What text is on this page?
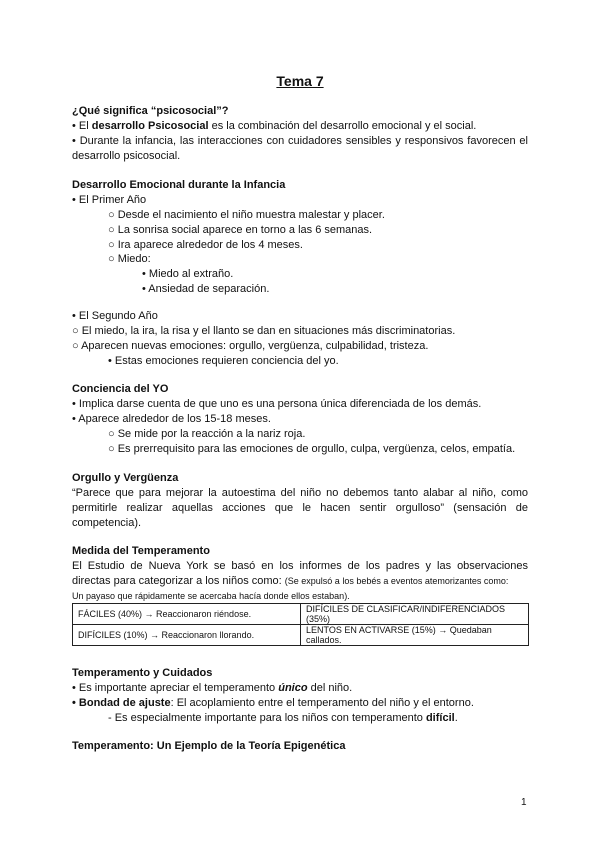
Tema 7
¿Qué significa “psicosocial”?
• El desarrollo Psicosocial es la combinación del desarrollo emocional y el social.
• Durante la infancia, las interacciones con cuidadores sensibles y responsivos favorecen el
desarrollo psicosocial.
Desarrollo Emocional durante la Infancia
• El Primer Año
○ Desde el nacimiento el niño muestra malestar y placer.
○ La sonrisa social aparece en torno a las 6 semanas.
○ Ira aparece alrededor de los 4 meses.
○ Miedo:
• Miedo al extraño.
• Ansiedad de separación.
• El Segundo Año
○ El miedo, la ira, la risa y el llanto se dan en situaciones más discriminatorias.
○ Aparecen nuevas emociones: orgullo, vergüenza, culpabilidad, tristeza.
• Estas emociones requieren conciencia del yo.
Conciencia del YO
• Implica darse cuenta de que uno es una persona única diferenciada de los demás.
• Aparece alrededor de los 15-18 meses.
○ Se mide por la reacción a la nariz roja.
○ Es prerrequisito para las emociones de orgullo, culpa, vergüenza, celos, empatía.
Orgullo y Vergüenza
“Parece que para mejorar la autoestima del niño no debemos tanto alabar al niño, como
permitirle realizar aquellas acciones que le hacen sentir orgulloso” (sensación de
competencia).
Medida del Temperamento
El Estudio de Nueva York se basó en los informes de los padres y las observaciones
directas para categorizar a los niños como: (Se expulsó a los bebés a eventos atemorizantes como:
Un payaso que rápidamente se acercaba hacía donde ellos estaban).
FÁCILES (40%) → Reaccionaron riéndose.	DIFÍCILES DE CLASIFICAR/INDIFERENCIADOS (35%)
DIFÍCILES (10%) → Reaccionaron llorando.	LENTOS EN ACTIVARSE (15%) → Quedaban callados.
Temperamento y Cuidados
• Es importante apreciar el temperamento único del niño.
• Bondad de ajuste: El acoplamiento entre el temperamento del niño y el entorno.
- Es especialmente importante para los niños con temperamento difícil.
Temperamento: Un Ejemplo de la Teoría Epigenética
1
